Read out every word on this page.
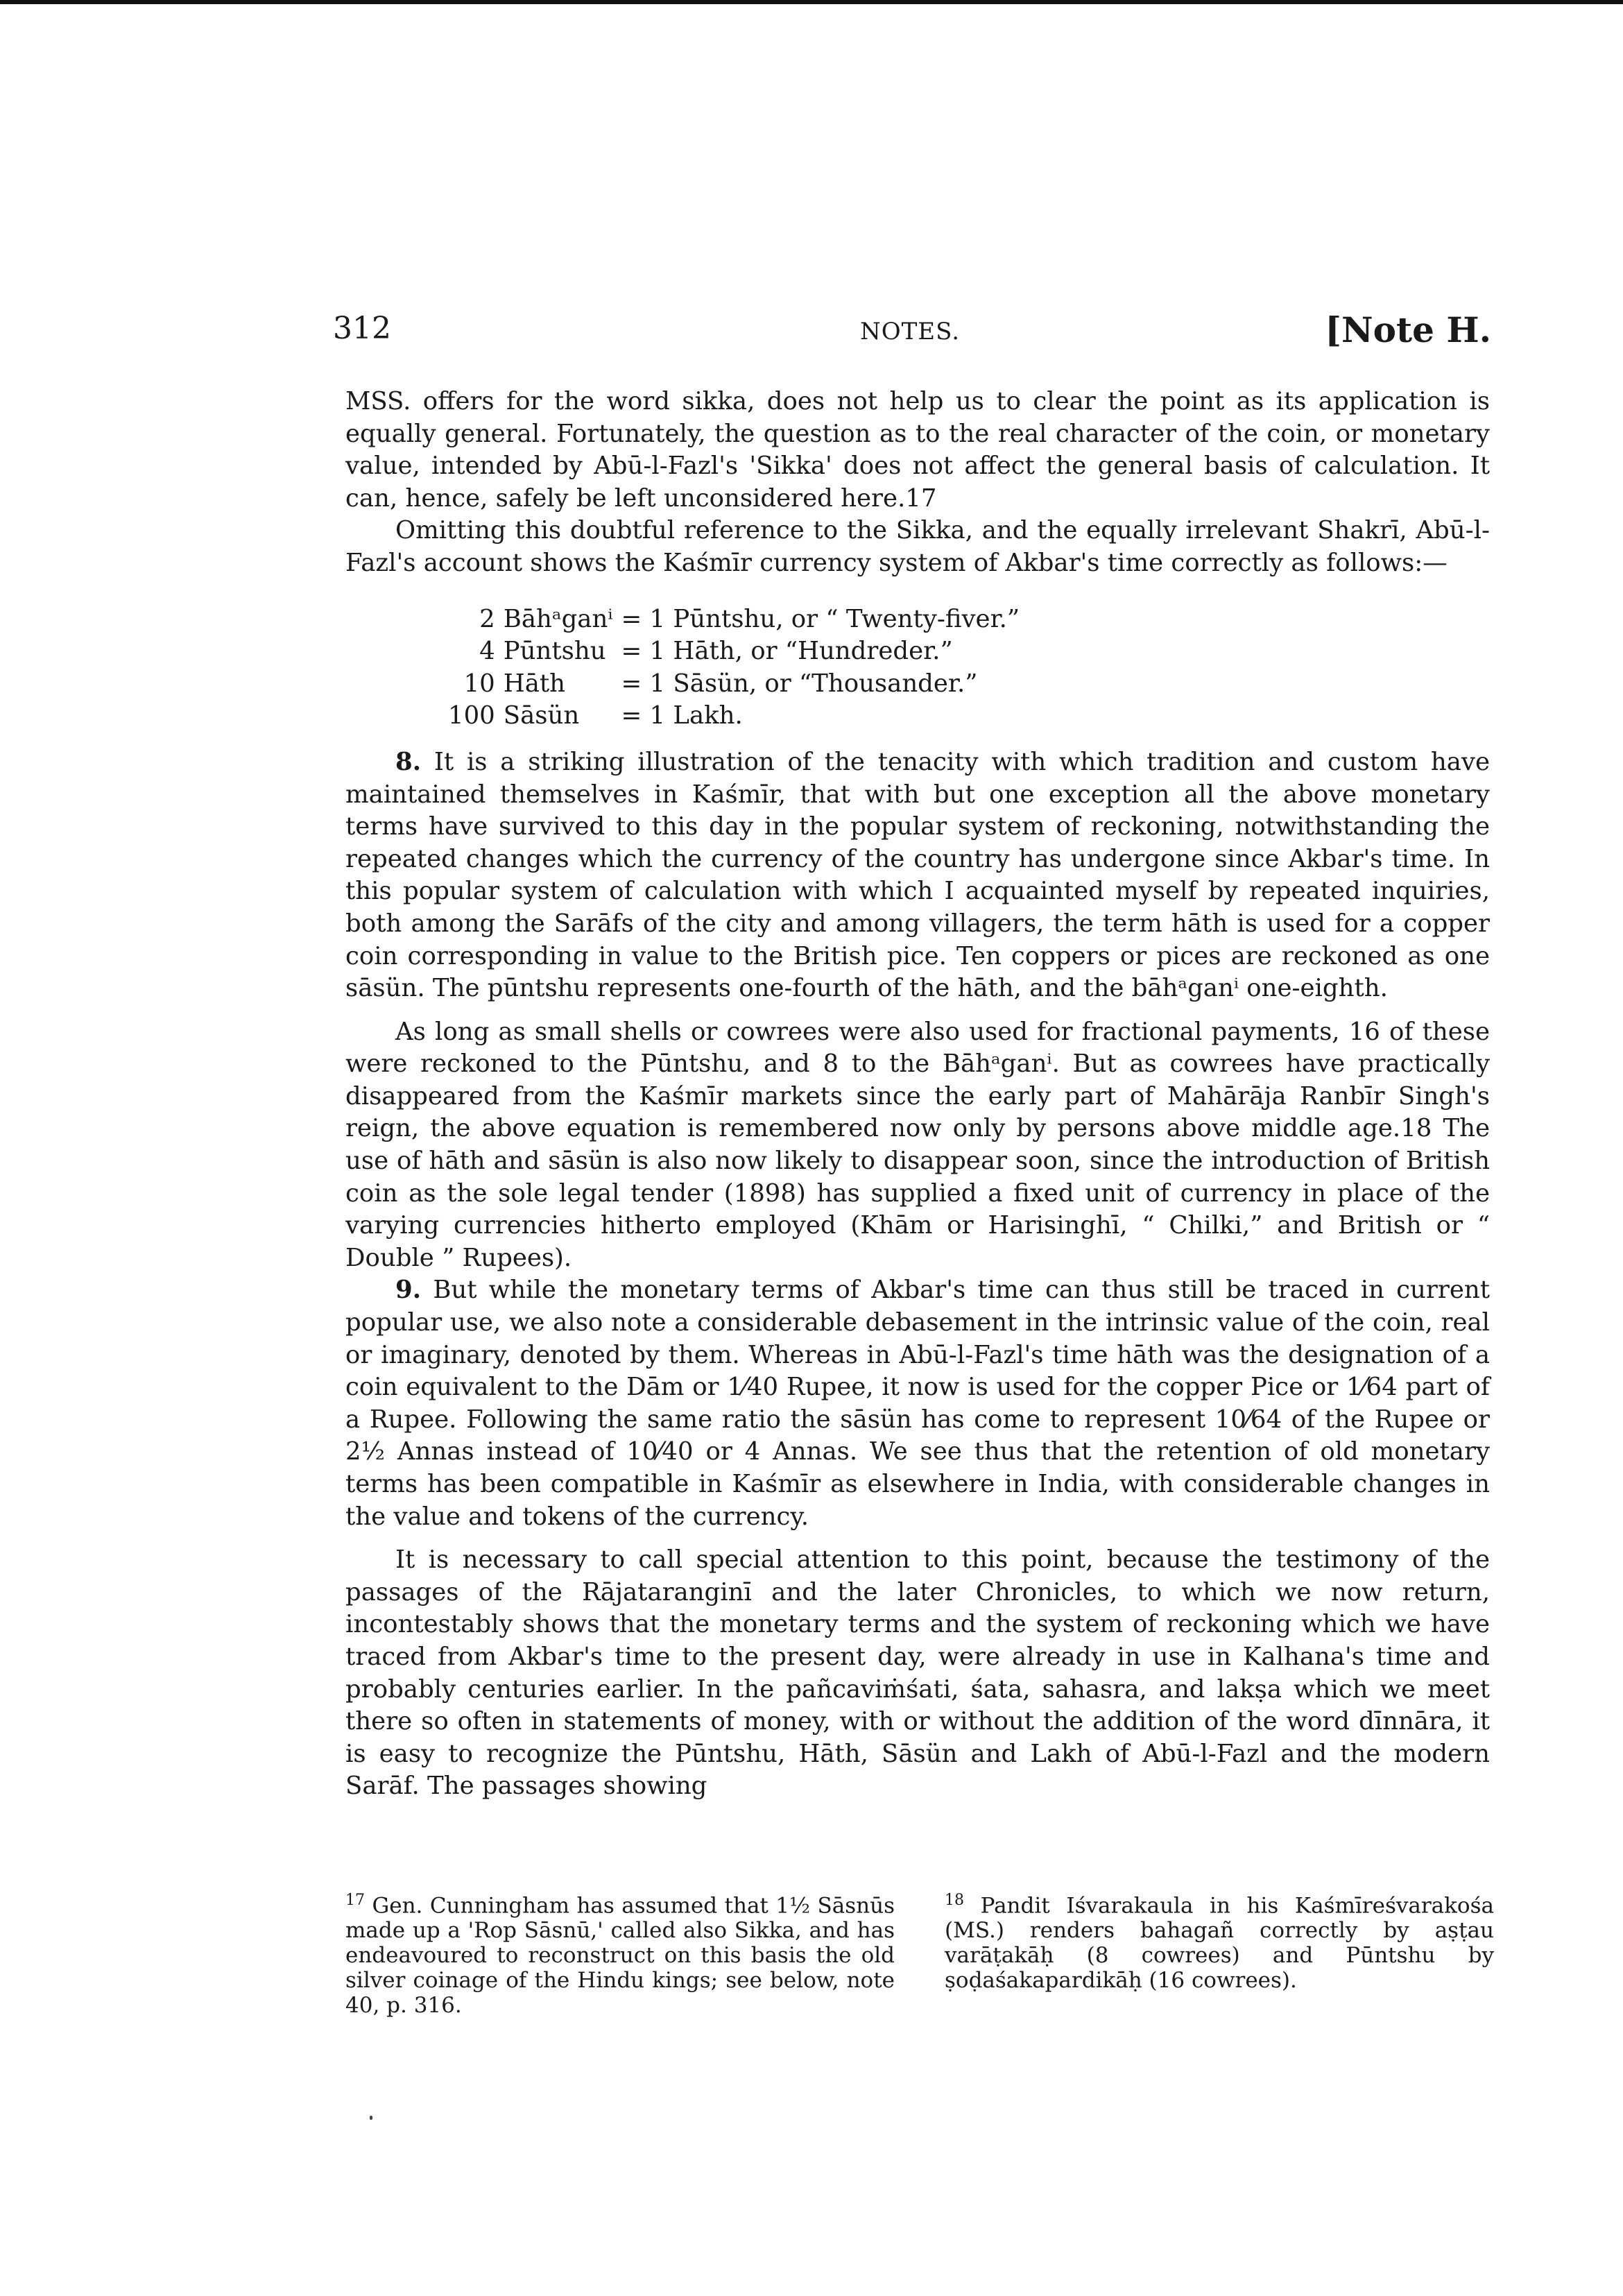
312	NOTES.	[Note H.

MSS. offers for the word sikka, does not help us to clear the point as its application is equally general. Fortunately, the question as to the real character of the coin, or monetary value, intended by Abū-l-Fazl's 'Sikka' does not affect the general basis of calculation. It can, hence, safely be left unconsidered here.17

Omitting this doubtful reference to the Sikka, and the equally irrelevant Shakrī, Abū-l-Fazl's account shows the Kaśmīr currency system of Akbar's time correctly as follows:—

2	Bāhᵃganⁱ	= 1 Pūntshu, or “ Twenty-fiver.”
4	Pūntshu	= 1 Hāth, or “Hundreder.”
10	Hāth	= 1 Sāsün, or “Thousander.”
100	Sāsün	= 1 Lakh.

8. It is a striking illustration of the tenacity with which tradition and custom have maintained themselves in Kaśmīr, that with but one exception all the above monetary terms have survived to this day in the popular system of reckoning, notwithstanding the repeated changes which the currency of the country has undergone since Akbar's time. In this popular system of calculation with which I acquainted myself by repeated inquiries, both among the Sarāfs of the city and among villagers, the term hāth is used for a copper coin corresponding in value to the British pice. Ten coppers or pices are reckoned as one sāsün. The pūntshu represents one-fourth of the hāth, and the bāhᵃganⁱ one-eighth.

As long as small shells or cowrees were also used for fractional payments, 16 of these were reckoned to the Pūntshu, and 8 to the Bāhᵃganⁱ. But as cowrees have practically disappeared from the Kaśmīr markets since the early part of Mahārāja Ranbīr Singh's reign, the above equation is remembered now only by persons above middle age.18 The use of hāth and sāsün is also now likely to disappear soon, since the introduction of British coin as the sole legal tender (1898) has supplied a fixed unit of currency in place of the varying currencies hitherto employed (Khām or Harisinghī, “ Chilki,” and British or “ Double ” Rupees).

9. But while the monetary terms of Akbar's time can thus still be traced in current popular use, we also note a considerable debasement in the intrinsic value of the coin, real or imaginary, denoted by them. Whereas in Abū-l-Fazl's time hāth was the designation of a coin equivalent to the Dām or 1⁄40 Rupee, it now is used for the copper Pice or 1⁄64 part of a Rupee. Following the same ratio the sāsün has come to represent 10⁄64 of the Rupee or 2½ Annas instead of 10⁄40 or 4 Annas. We see thus that the retention of old monetary terms has been compatible in Kaśmīr as elsewhere in India, with considerable changes in the value and tokens of the currency.

It is necessary to call special attention to this point, because the testimony of the passages of the Rājataranginī and the later Chronicles, to which we now return, incontestably shows that the monetary terms and the system of reckoning which we have traced from Akbar's time to the present day, were already in use in Kalhana's time and probably centuries earlier. In the pañcaviṁśati, śata, sahasra, and lakṣa which we meet there so often in statements of money, with or without the addition of the word dīnnāra, it is easy to recognize the Pūntshu, Hāth, Sāsün and Lakh of Abū-l-Fazl and the modern Sarāf. The passages showing

$^{17}$ Gen. Cunningham has assumed that 1½ Sāsnūs made up a 'Rop Sāsnū,' called also Sikka, and has endeavoured to reconstruct on this basis the old silver coinage of the Hindu kings; see below, note 40, p. 316.
$^{18}$ Pandit Iśvarakaula in his Kaśmīreśvarakośa (MS.) renders bahagañ correctly by aṣṭau varāṭakāḥ (8 cowrees) and Pūntshu by ṣoḍaśakapardikāḥ (16 cowrees).
